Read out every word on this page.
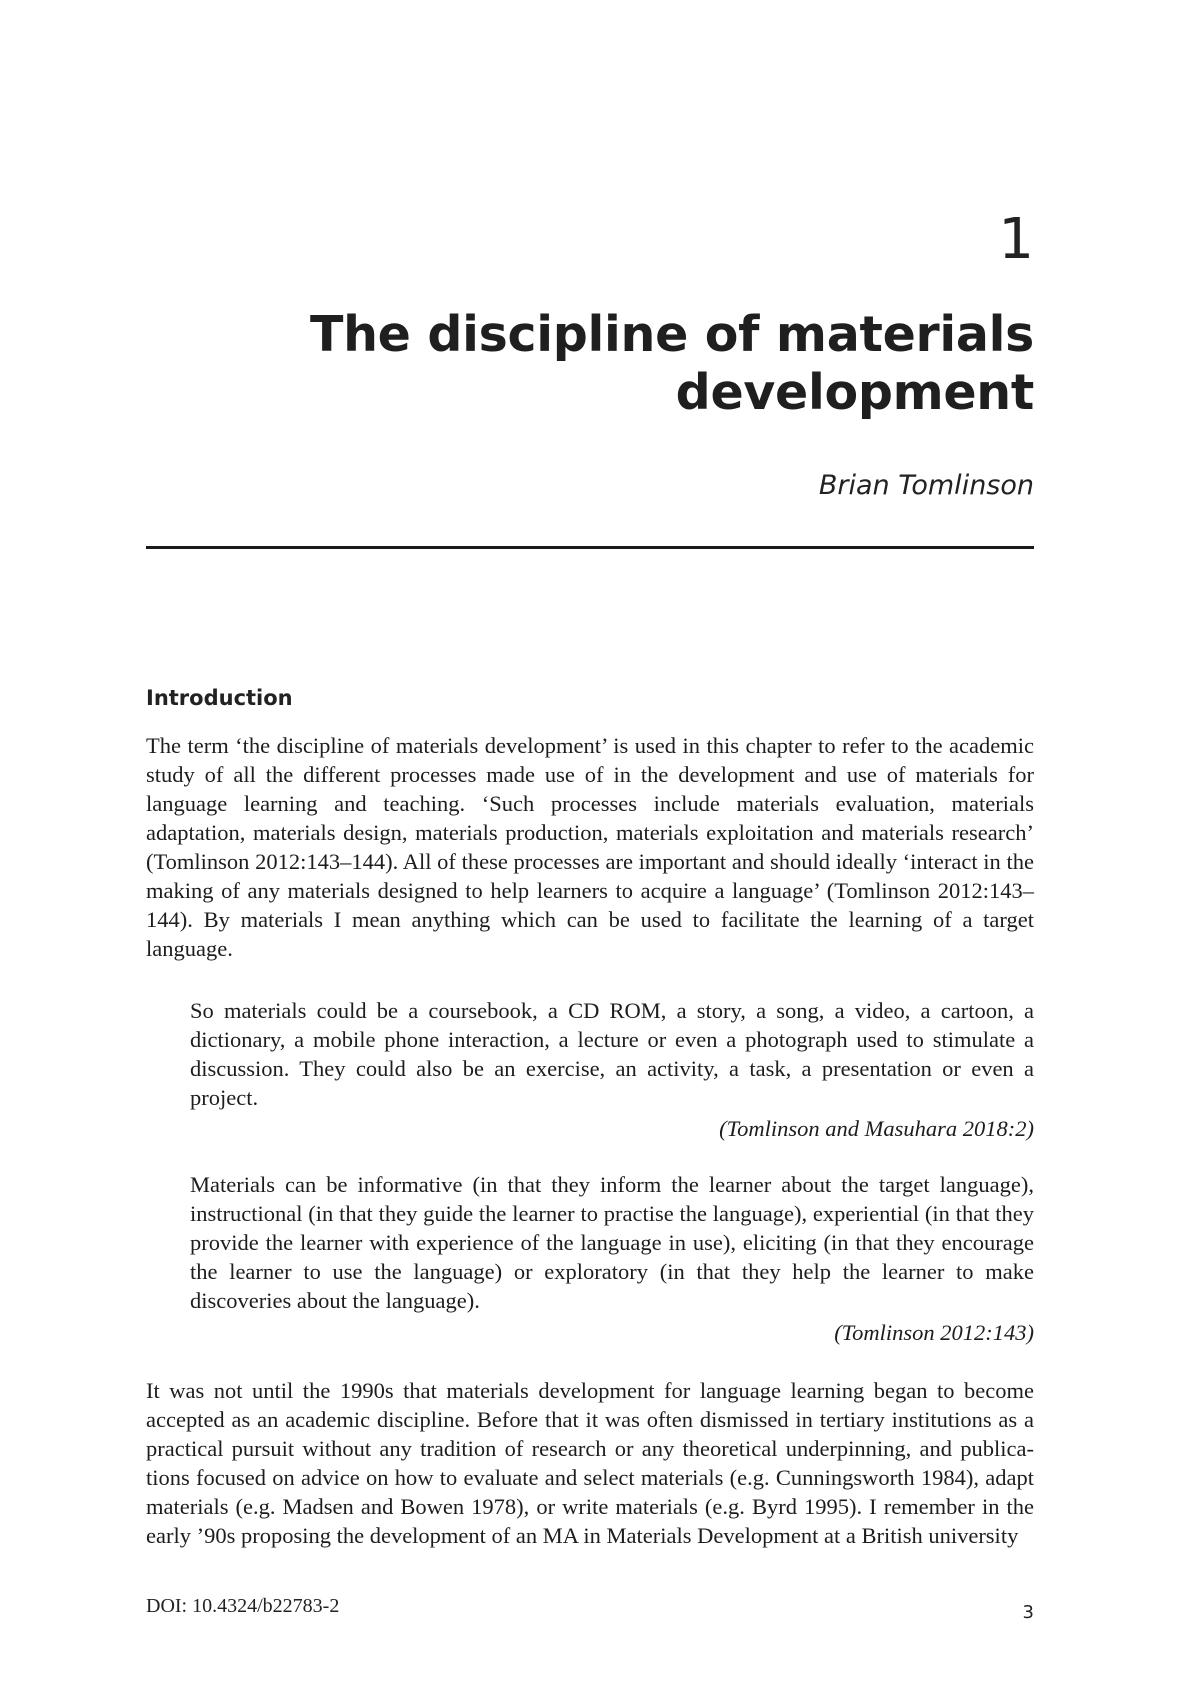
1
The discipline of materials development
Brian Tomlinson
Introduction

The term ‘the discipline of materials development’ is used in this chapter to refer to the academic study of all the different processes made use of in the development and use of materials for language learning and teaching. ‘Such processes include materials evaluation, materials adaptation, materials design, materials production, materials exploitation and materials research’ (Tomlinson 2012:143–144). All of these processes are important and should ideally ‘interact in the making of any materials designed to help learners to acquire a language’ (Tomlinson 2012:143–144). By materials I mean anything which can be used to facilitate the learning of a target language.

So materials could be a coursebook, a CD ROM, a story, a song, a video, a cartoon, a dictionary, a mobile phone interaction, a lecture or even a photograph used to stimulate a discussion. They could also be an exercise, an activity, a task, a presentation or even a project.

(Tomlinson and Masuhara 2018:2)

Materials can be informative (in that they inform the learner about the target language), instructional (in that they guide the learner to practise the language), experiential (in that they provide the learner with experience of the language in use), eliciting (in that they encourage the learner to use the language) or exploratory (in that they help the learner to make discoveries about the language).

(Tomlinson 2012:143)

It was not until the 1990s that materials development for language learning began to become accepted as an academic discipline. Before that it was often dismissed in tertiary institutions as a practical pursuit without any tradition of research or any theoretical underpinning, and publications focused on advice on how to evaluate and select materials (e.g. Cunningsworth 1984), adapt materials (e.g. Madsen and Bowen 1978), or write materials (e.g. Byrd 1995). I remember in the early ’90s proposing the development of an MA in Materials Development at a British university

DOI: 10.4324/b22783-2	3
